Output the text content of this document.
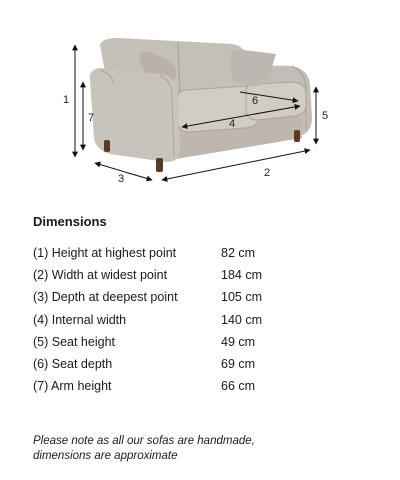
1
2
3
4
5
6
7
Dimensions
(1) Height at highest point	82 cm
(2) Width at widest point	184 cm
(3) Depth at deepest point	105 cm
(4) Internal width	140 cm
(5) Seat height	49 cm
(6) Seat depth	69 cm
(7) Arm height	66 cm

Please note as all our sofas are handmade,
dimensions are approximate
